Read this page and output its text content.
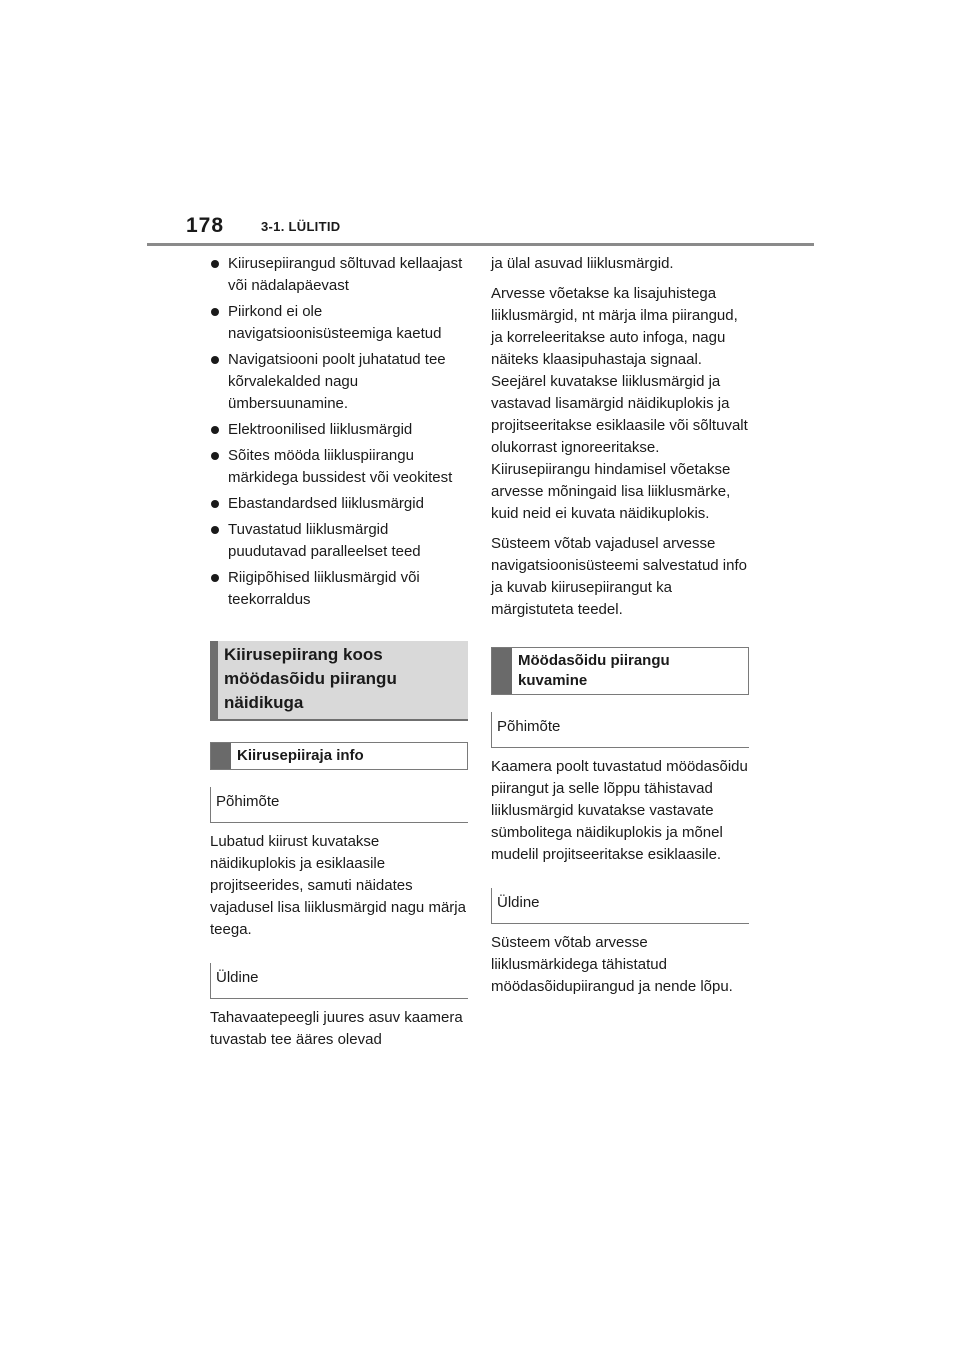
178	3-1. LÜLITID
Kiirusepiirangud sõltuvad kellaajast või nädalapäevast
Piirkond ei ole navigatsioonisüsteemiga kaetud
Navigatsiooni poolt juhatatud tee kõrvalekalded nagu ümbersuunamine.
Elektroonilised liiklusmärgid
Sõites mööda liikluspiirangu märkidega bussidest või veokitest
Ebastandardsed liiklusmärgid
Tuvastatud liiklusmärgid puudutavad paralleelset teed
Riigipõhised liiklusmärgid või teekorraldus
Kiirusepiirang koos möödasõidu piirangu näidikuga
Kiirusepiiraja info
Põhimõte

Lubatud kiirust kuvatakse näidikuplokis ja esiklaasile projitseerides, samuti näidates vajadusel lisa liiklusmärgid nagu märja teega.

Üldine

Tahavaatepeegli juures asuv kaamera tuvastab tee ääres olevad

ja ülal asuvad liiklusmärgid.

Arvesse võetakse ka lisajuhistega liiklusmärgid, nt märja ilma piirangud, ja korreleeritakse auto infoga, nagu näiteks klaasipuhastaja signaal. Seejärel kuvatakse liiklusmärgid ja vastavad lisamärgid näidikuplokis ja projitseeritakse esiklaasile või sõltuvalt olukorrast ignoreeritakse. Kiirusepiirangu hindamisel võetakse arvesse mõningaid lisa liiklusmärke, kuid neid ei kuvata näidikuplokis.

Süsteem võtab vajadusel arvesse navigatsioonisüsteemi salvestatud info ja kuvab kiirusepiirangut ka märgistuteta teedel.

Möödasõidu piirangu kuvamine
Põhimõte

Kaamera poolt tuvastatud möödasõidu piirangut ja selle lõppu tähistavad liiklusmärgid kuvatakse vastavate sümbolitega näidikuplokis ja mõnel mudelil projitseeritakse esiklaasile.

Üldine

Süsteem võtab arvesse liiklusmärkidega tähistatud möödasõidupiirangud ja nende lõpu.
